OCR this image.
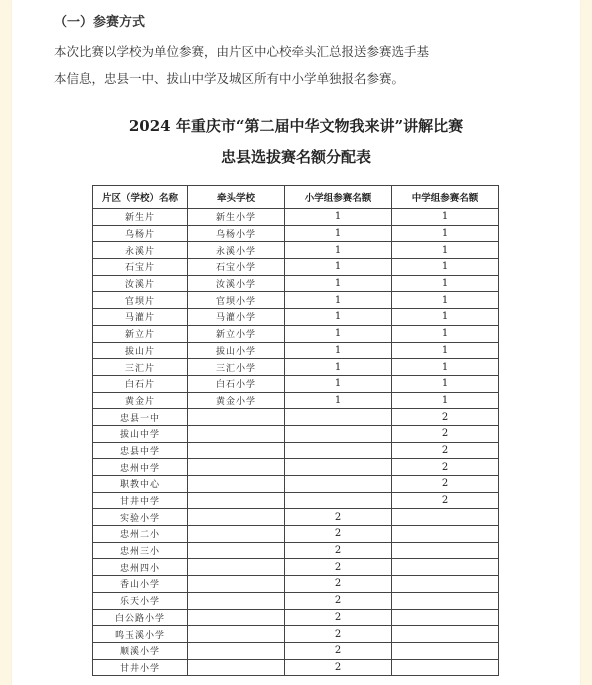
（一）参赛方式
本次比赛以学校为单位参赛，由片区中心校牵头汇总报送参赛选手基
本信息，忠县一中、拔山中学及城区所有中小学单独报名参赛。
2024 年重庆市“第二届中华文物我来讲”讲解比赛
忠县选拔赛名额分配表
片区（学校）名称	牵头学校	小学组参赛名额	中学组参赛名额
新生片	新生小学	1	1
乌杨片	乌杨小学	1	1
永溪片	永溪小学	1	1
石宝片	石宝小学	1	1
汝溪片	汝溪小学	1	1
官坝片	官坝小学	1	1
马灌片	马灌小学	1	1
新立片	新立小学	1	1
拔山片	拔山小学	1	1
三汇片	三汇小学	1	1
白石片	白石小学	1	1
黄金片	黄金小学	1	1
忠县一中			2
拔山中学			2
忠县中学			2
忠州中学			2
职教中心			2
甘井中学			2
实验小学		2	
忠州二小		2	
忠州三小		2	
忠州四小		2	
香山小学		2	
乐天小学		2	
白公路小学		2	
鸣玉溪小学		2	
顺溪小学		2	
甘井小学		2	
